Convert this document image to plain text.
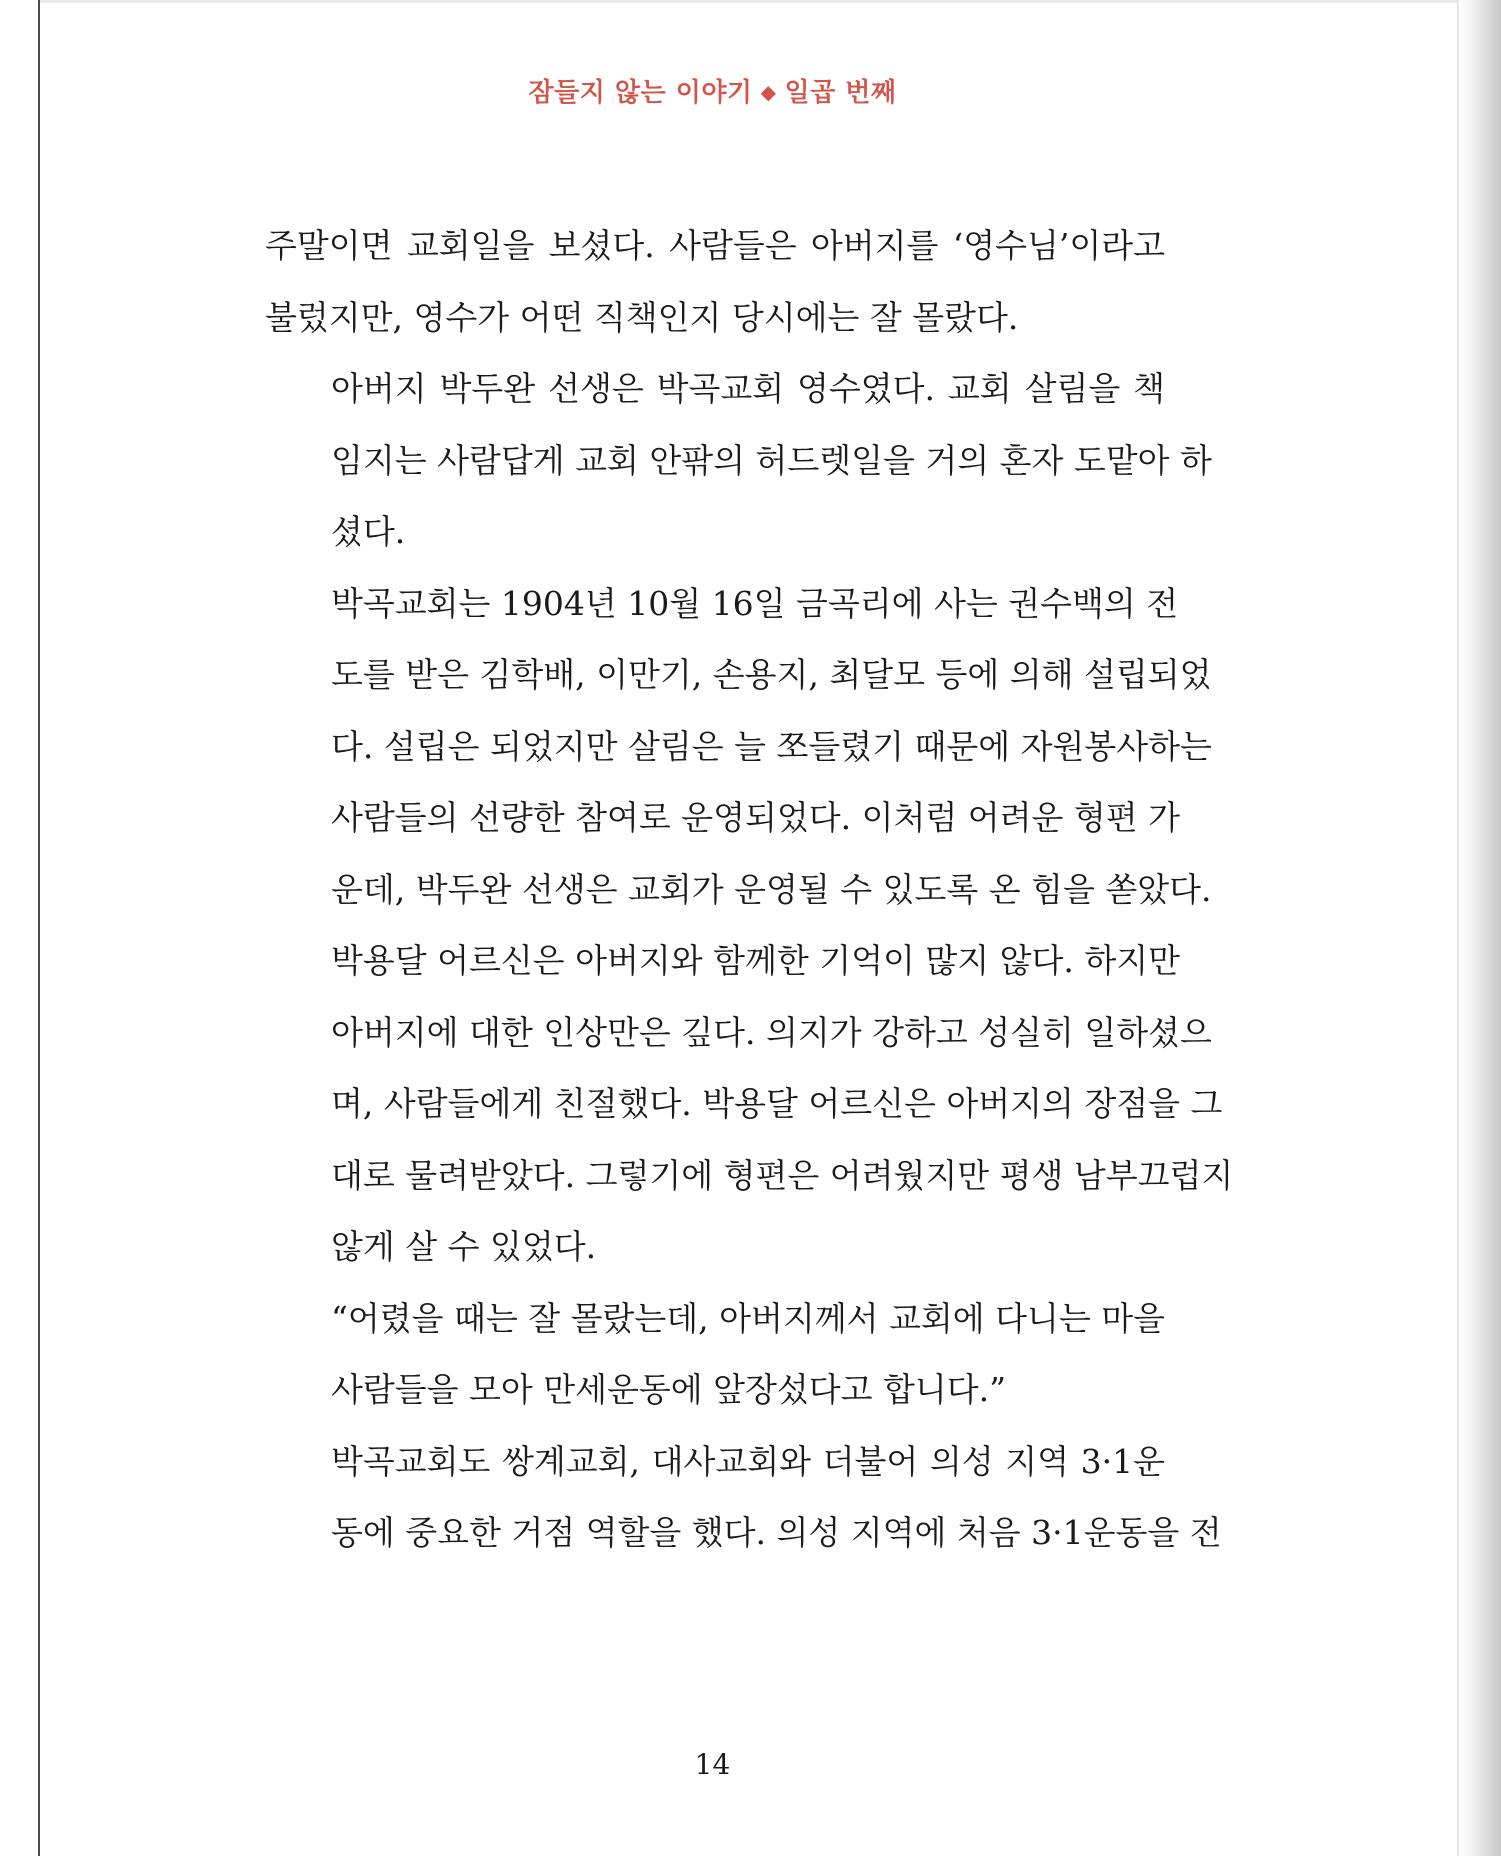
잠들지 않는 이야기 ◆ 일곱 번째

주말이면 교회일을 보셨다. 사람들은 아버지를 ‘영수님’이라고
불렀지만, 영수가 어떤 직책인지 당시에는 잘 몰랐다.

아버지 박두완 선생은 박곡교회 영수였다. 교회 살림을 책
임지는 사람답게 교회 안팎의 허드렛일을 거의 혼자 도맡아 하
셨다.

박곡교회는 1904년 10월 16일 금곡리에 사는 권수백의 전
도를 받은 김학배, 이만기, 손용지, 최달모 등에 의해 설립되었
다. 설립은 되었지만 살림은 늘 쪼들렸기 때문에 자원봉사하는
사람들의 선량한 참여로 운영되었다. 이처럼 어려운 형편 가
운데, 박두완 선생은 교회가 운영될 수 있도록 온 힘을 쏟았다.

박용달 어르신은 아버지와 함께한 기억이 많지 않다. 하지만
아버지에 대한 인상만은 깊다. 의지가 강하고 성실히 일하셨으
며, 사람들에게 친절했다. 박용달 어르신은 아버지의 장점을 그
대로 물려받았다. 그렇기에 형편은 어려웠지만 평생 남부끄럽지
않게 살 수 있었다.

“어렸을 때는 잘 몰랐는데, 아버지께서 교회에 다니는 마을
사람들을 모아 만세운동에 앞장섰다고 합니다.”

박곡교회도 쌍계교회, 대사교회와 더불어 의성 지역 3·1운
동에 중요한 거점 역할을 했다. 의성 지역에 처음 3·1운동을 전

14
